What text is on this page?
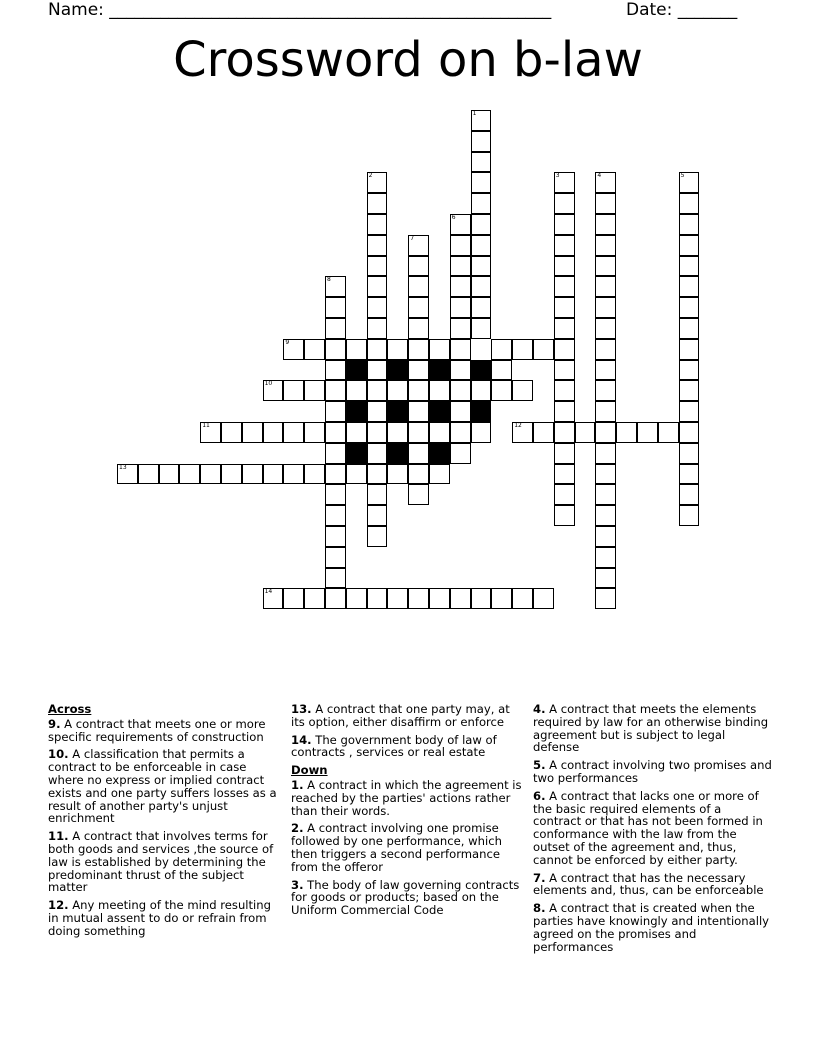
Name: ____________________________________________________	Date: _______
Crossword on b-law
1
3	4	5
2
6
7
8
9
10
11	12
13
14
Across
9. A contract that meets one or more specific requirements of construction
10. A classification that permits a contract to be enforceable in case where no express or implied contract exists and one party suffers losses as a result of another party's unjust enrichment
11. A contract that involves terms for both goods and services ,the source of law is established by determining the predominant thrust of the subject matter
12. Any meeting of the mind resulting in mutual assent to do or refrain from doing something
13. A contract that one party may, at its option, either disaffirm or enforce
14. The government body of law of contracts , services or real estate
Down
1. A contract in which the agreement is reached by the parties' actions rather than their words.
2. A contract involving one promise followed by one performance, which then triggers a second performance from the offeror
3. The body of law governing contracts for goods or products; based on the Uniform Commercial Code
4. A contract that meets the elements required by law for an otherwise binding agreement but is subject to legal defense
5. A contract involving two promises and two performances
6. A contract that lacks one or more of the basic required elements of a contract or that has not been formed in conformance with the law from the outset of the agreement and, thus, cannot be enforced by either party.
7. A contract that has the necessary elements and, thus, can be enforceable
8. A contract that is created when the parties have knowingly and intentionally agreed on the promises and performances
